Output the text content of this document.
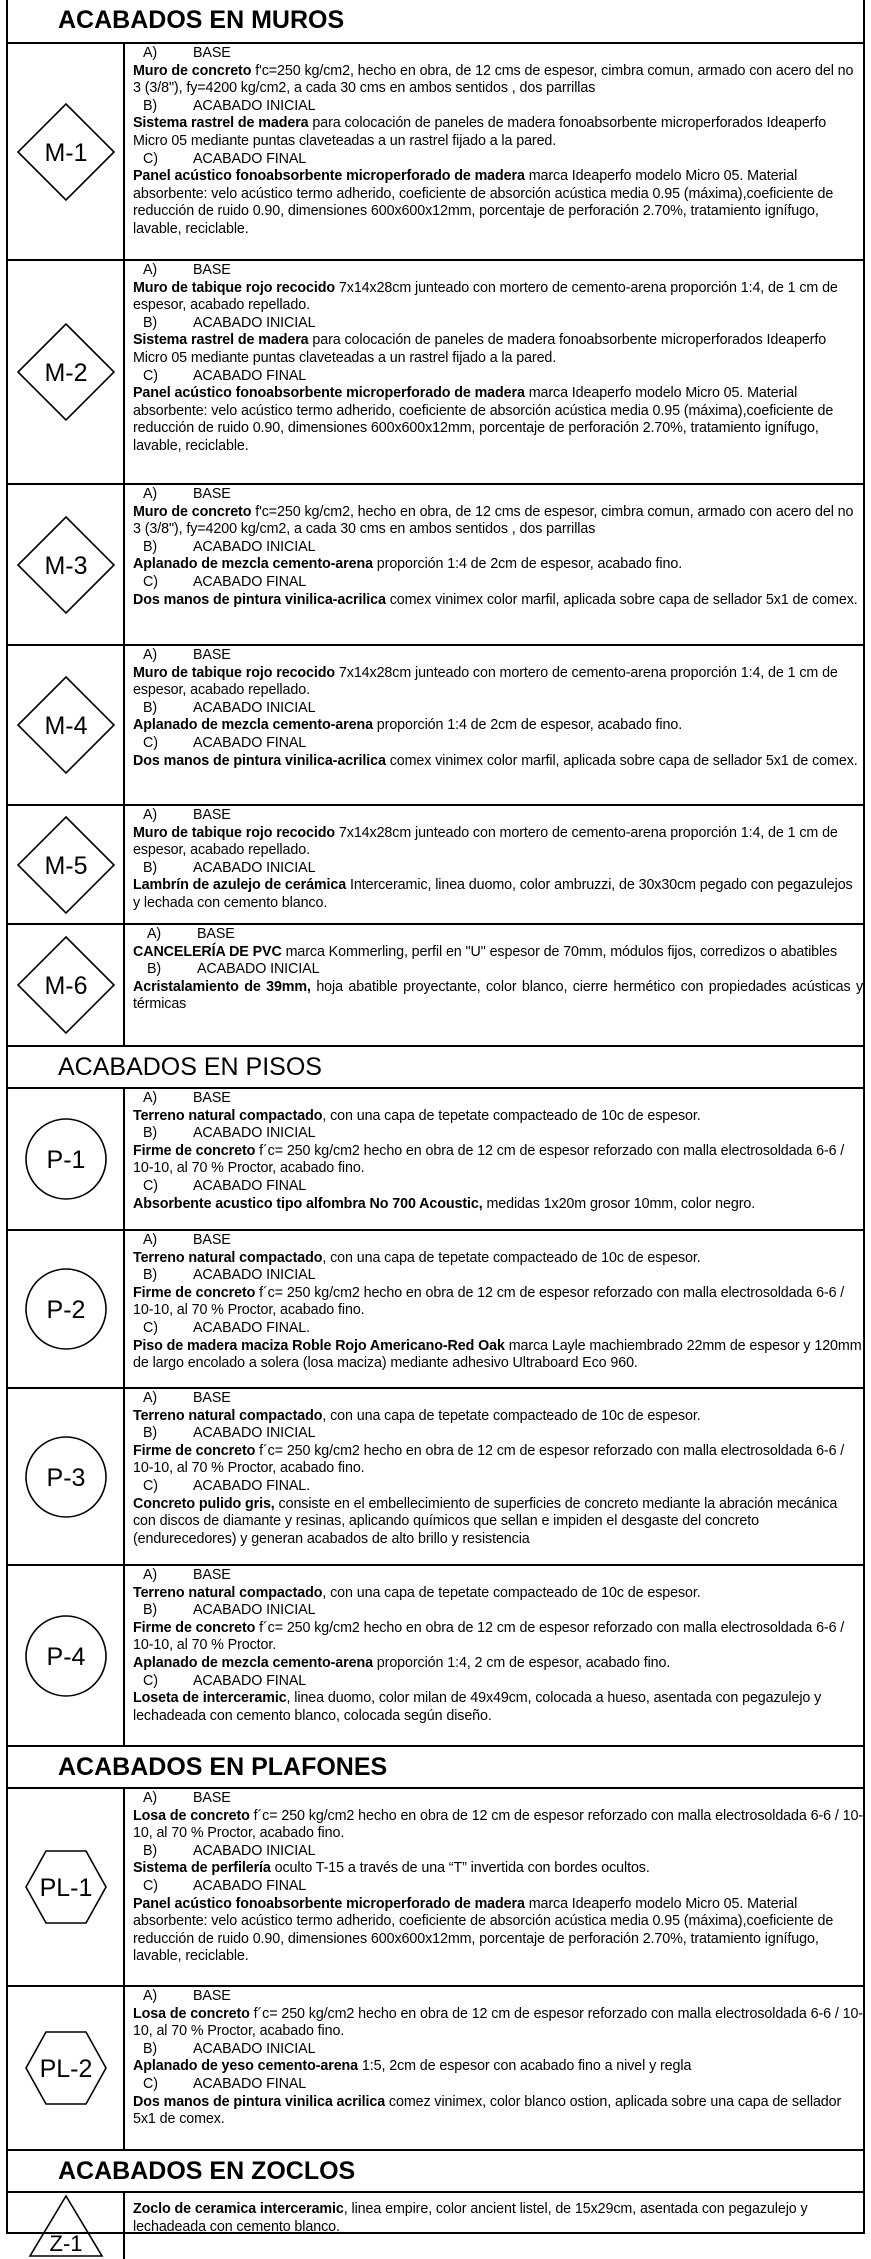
ACABADOS EN MUROS
M-1
A)	BASE
Muro de concreto f'c=250 kg/cm2, hecho en obra, de 12 cms de espesor, cimbra comun, armado con acero del no 3 (3/8"), fy=4200 kg/cm2, a cada 30 cms en ambos sentidos , dos parrillas
B)	ACABADO INICIAL
Sistema rastrel de madera para colocación de paneles de madera fonoabsorbente microperforados Ideaperfo Micro 05 mediante puntas claveteadas a un rastrel fijado a la pared.
C) ACABADO FINAL
Panel acústico fonoabsorbente microperforado de madera marca Ideaperfo modelo Micro 05. Material absorbente: velo acústico termo adherido, coeficiente de absorción acústica media 0.95 (máxima),coeficiente de reducción de ruido 0.90, dimensiones 600x600x12mm, porcentaje de perforación 2.70%, tratamiento ignífugo, lavable, reciclable.
M-2
A)	BASE
Muro de tabique rojo recocido 7x14x28cm junteado con mortero de cemento-arena proporción 1:4, de 1 cm de espesor, acabado repellado.
B)	ACABADO INICIAL
Sistema rastrel de madera para colocación de paneles de madera fonoabsorbente microperforados Ideaperfo Micro 05 mediante puntas claveteadas a un rastrel fijado a la pared.
C) ACABADO FINAL
Panel acústico fonoabsorbente microperforado de madera marca Ideaperfo modelo Micro 05. Material absorbente: velo acústico termo adherido, coeficiente de absorción acústica media 0.95 (máxima),coeficiente de reducción de ruido 0.90, dimensiones 600x600x12mm, porcentaje de perforación 2.70%, tratamiento ignífugo, lavable, reciclable.
M-3
A)	BASE
Muro de concreto f'c=250 kg/cm2, hecho en obra, de 12 cms de espesor, cimbra comun, armado con acero del no 3 (3/8"), fy=4200 kg/cm2, a cada 30 cms en ambos sentidos , dos parrillas
B)	ACABADO INICIAL
Aplanado de mezcla cemento-arena proporción 1:4 de 2cm de espesor, acabado fino.
C) ACABADO FINAL
Dos manos de pintura vinilica-acrilica comex vinimex color marfil, aplicada sobre capa de sellador 5x1 de comex.
M-4
A)	BASE
Muro de tabique rojo recocido 7x14x28cm junteado con mortero de cemento-arena proporción 1:4, de 1 cm de espesor, acabado repellado.
B)	ACABADO INICIAL
Aplanado de mezcla cemento-arena proporción 1:4 de 2cm de espesor, acabado fino.
C) ACABADO FINAL
Dos manos de pintura vinilica-acrilica comex vinimex color marfil, aplicada sobre capa de sellador 5x1 de comex.
M-5
A)	BASE
Muro de tabique rojo recocido 7x14x28cm junteado con mortero de cemento-arena proporción 1:4, de 1 cm de espesor, acabado repellado.
B)	ACABADO INICIAL
Lambrín de azulejo de cerámica Interceramic, linea duomo, color ambruzzi, de 30x30cm pegado con pegazulejos y lechada con cemento blanco.
M-6
A)	BASE
CANCELERÍA DE PVC marca Kommerling, perfil en "U" espesor de 70mm, módulos fijos, corredizos o abatibles
B)	ACABADO INICIAL
Acristalamiento de 39mm, hoja abatible proyectante, color blanco, cierre hermético con propiedades acústicas y térmicas
ACABADOS EN PISOS
P-1
A)	BASE
Terreno natural compactado, con una capa de tepetate compacteado de 10c de espesor.
B)	ACABADO INICIAL
Firme de concreto f´c= 250 kg/cm2 hecho en obra de 12 cm de espesor reforzado con malla electrosoldada 6-6 / 10-10, al 70 % Proctor, acabado fino.
C) ACABADO FINAL
Absorbente acustico tipo alfombra No 700 Acoustic, medidas 1x20m grosor 10mm, color negro.
P-2
A)	BASE
Terreno natural compactado, con una capa de tepetate compacteado de 10c de espesor.
B)	ACABADO INICIAL
Firme de concreto f´c= 250 kg/cm2 hecho en obra de 12 cm de espesor reforzado con malla electrosoldada 6-6 / 10-10, al 70 % Proctor, acabado fino.
C) ACABADO FINAL.
Piso de madera maciza Roble Rojo Americano-Red Oak marca Layle machiembrado 22mm de espesor y 120mm de largo encolado a solera (losa maciza) mediante adhesivo Ultraboard Eco 960.
P-3
A)	BASE
Terreno natural compactado, con una capa de tepetate compacteado de 10c de espesor.
B)	ACABADO INICIAL
Firme de concreto f´c= 250 kg/cm2 hecho en obra de 12 cm de espesor reforzado con malla electrosoldada 6-6 / 10-10, al 70 % Proctor, acabado fino.
C) ACABADO FINAL.
Concreto pulido gris, consiste en el embellecimiento de superficies de concreto mediante la abración mecánica con discos de diamante y resinas, aplicando químicos que sellan e impiden el desgaste del concreto (endurecedores) y generan acabados de alto brillo y resistencia
P-4
A)	BASE
Terreno natural compactado, con una capa de tepetate compacteado de 10c de espesor.
B)	ACABADO INICIAL
Firme de concreto f´c= 250 kg/cm2 hecho en obra de 12 cm de espesor reforzado con malla electrosoldada 6-6 / 10-10, al 70 % Proctor.
Aplanado de mezcla cemento-arena proporción 1:4, 2 cm de espesor, acabado fino.
C) ACABADO FINAL
Loseta de interceramic, linea duomo, color milan de 49x49cm, colocada a hueso, asentada con pegazulejo y lechadeada con cemento blanco, colocada según diseño.
ACABADOS EN PLAFONES
PL-1
A)	BASE
Losa de concreto f´c= 250 kg/cm2 hecho en obra de 12 cm de espesor reforzado con malla electrosoldada 6-6 / 10-10, al 70 % Proctor, acabado fino.
B)	ACABADO INICIAL
Sistema de perfilería oculto T-15 a través de una “T” invertida con bordes ocultos.
C) ACABADO FINAL
Panel acústico fonoabsorbente microperforado de madera marca Ideaperfo modelo Micro 05. Material absorbente: velo acústico termo adherido, coeficiente de absorción acústica media 0.95 (máxima),coeficiente de reducción de ruido 0.90, dimensiones 600x600x12mm, porcentaje de perforación 2.70%, tratamiento ignífugo, lavable, reciclable.
PL-2
A)	BASE
Losa de concreto f´c= 250 kg/cm2 hecho en obra de 12 cm de espesor reforzado con malla electrosoldada 6-6 / 10-10, al 70 % Proctor, acabado fino.
B)	ACABADO INICIAL
Aplanado de yeso cemento-arena 1:5, 2cm de espesor con acabado fino a nivel y regla
C) ACABADO FINAL
Dos manos de pintura vinilica acrilica comez vinimex, color blanco ostion, aplicada sobre una capa de sellador 5x1 de comex.
ACABADOS EN ZOCLOS
Z-1
Zoclo de ceramica interceramic, linea empire, color ancient listel, de 15x29cm, asentada con pegazulejo y lechadeada con cemento blanco.
